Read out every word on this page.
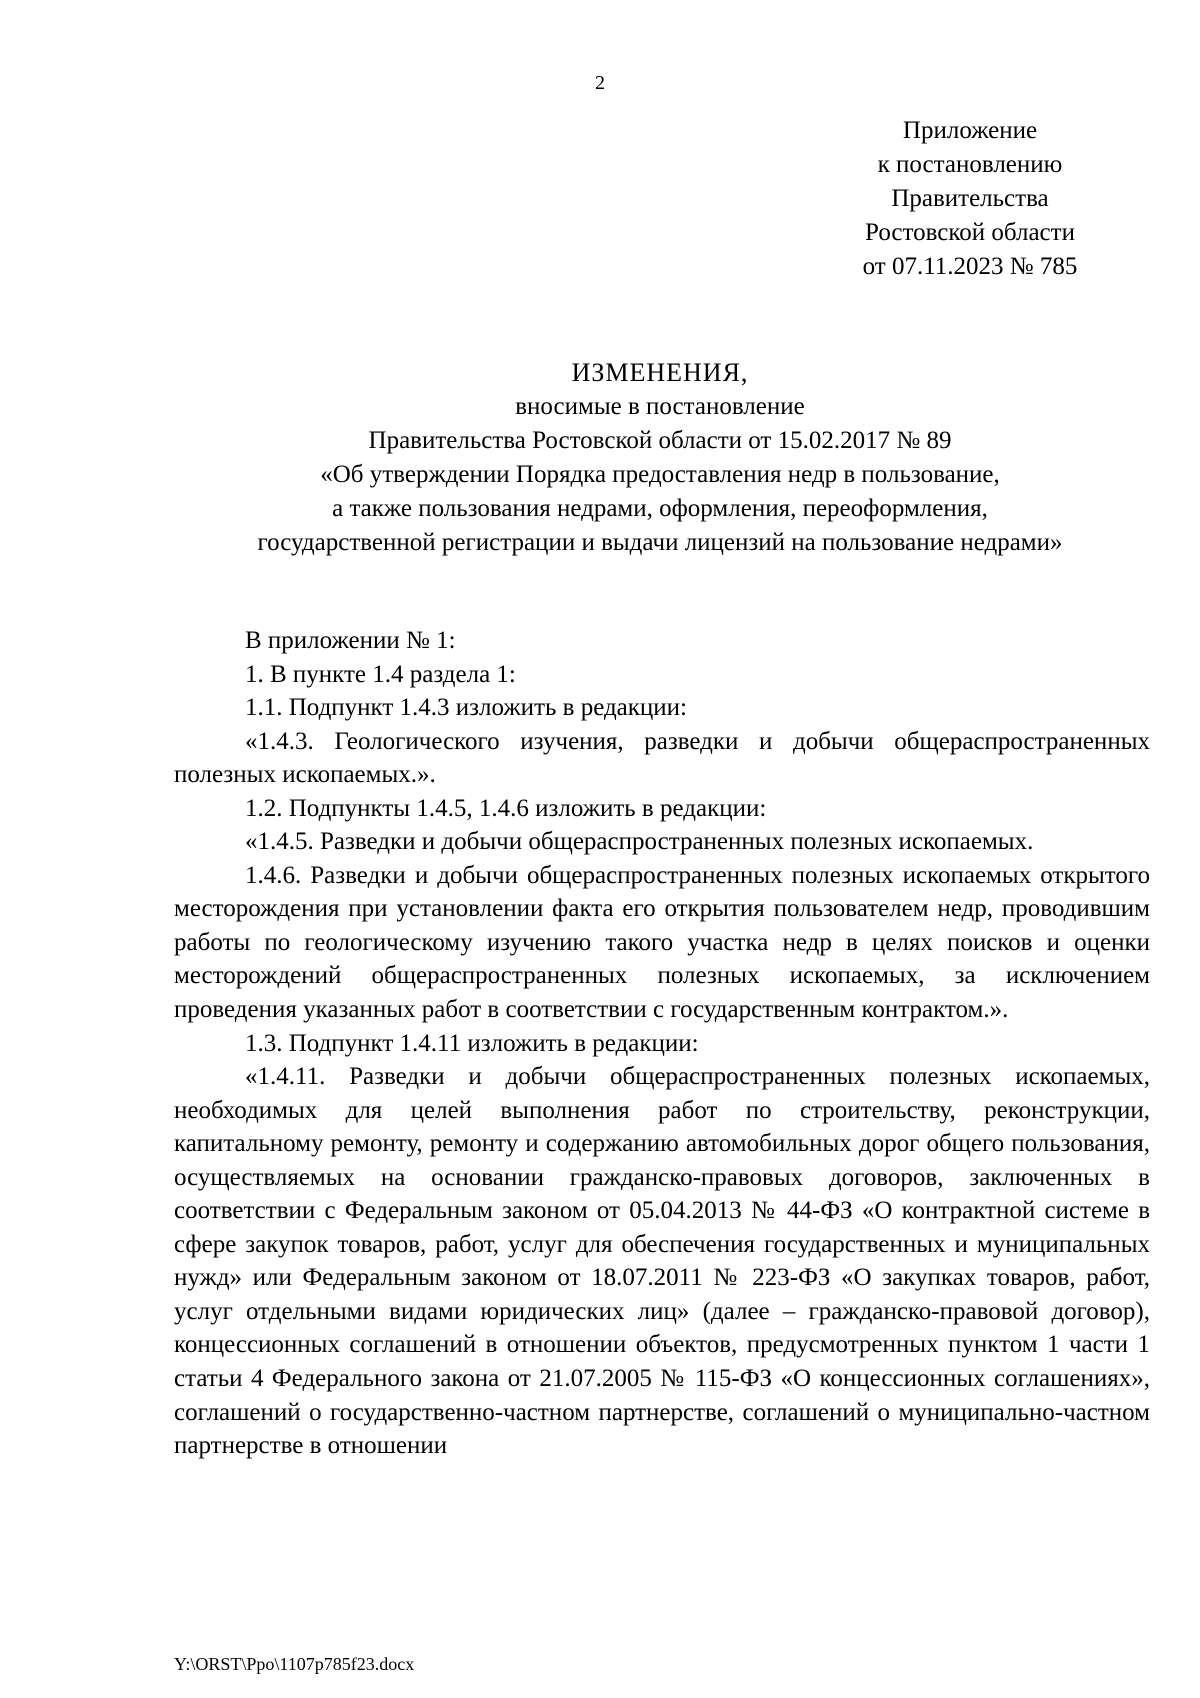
2
Приложение
к постановлению
Правительства
Ростовской области
от 07.11.2023 № 785
ИЗМЕНЕНИЯ,
вносимые в постановление
Правительства Ростовской области от 15.02.2017 № 89
«Об утверждении Порядка предоставления недр в пользование,
а также пользования недрами, оформления, переоформления,
государственной регистрации и выдачи лицензий на пользование недрами»

В приложении № 1:

1. В пункте 1.4 раздела 1:

1.1. Подпункт 1.4.3 изложить в редакции:

«1.4.3. Геологического изучения, разведки и добычи общераспространенных полезных ископаемых.».

1.2. Подпункты 1.4.5, 1.4.6 изложить в редакции:

«1.4.5. Разведки и добычи общераспространенных полезных ископаемых.

1.4.6. Разведки и добычи общераспространенных полезных ископаемых открытого месторождения при установлении факта его открытия пользователем недр, проводившим работы по геологическому изучению такого участка недр в целях поисков и оценки месторождений общераспространенных полезных ископаемых, за исключением проведения указанных работ в соответствии с государственным контрактом.».

1.3. Подпункт 1.4.11 изложить в редакции:

«1.4.11. Разведки и добычи общераспространенных полезных ископаемых, необходимых для целей выполнения работ по строительству, реконструкции, капитальному ремонту, ремонту и содержанию автомобильных дорог общего пользования, осуществляемых на основании гражданско-правовых договоров, заключенных в соответствии с Федеральным законом от 05.04.2013 № 44-ФЗ «О контрактной системе в сфере закупок товаров, работ, услуг для обеспечения государственных и муниципальных нужд» или Федеральным законом от 18.07.2011 № 223-ФЗ «О закупках товаров, работ, услуг отдельными видами юридических лиц» (далее – гражданско-правовой договор), концессионных соглашений в отношении объектов, предусмотренных пунктом 1 части 1 статьи 4 Федерального закона от 21.07.2005 № 115-ФЗ «О концессионных соглашениях», соглашений о государственно-частном партнерстве, соглашений о муниципально-частном партнерстве в отношении

Y:\ORST\Ppo\1107p785f23.docx
